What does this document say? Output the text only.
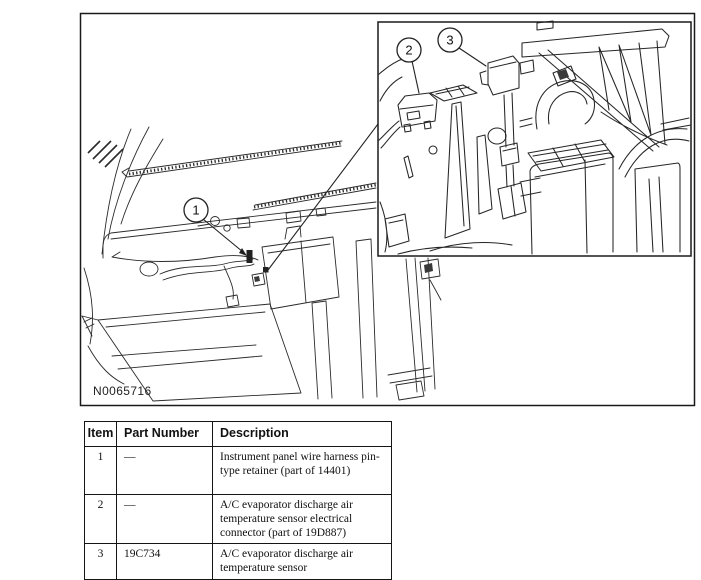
1
2
3
N0065716
Item	Part Number	Description
1	—	Instrument panel wire harness pin-type retainer (part of 14401)
2	—	A/C evaporator discharge air temperature sensor electrical connector (part of 19D887)
3	19C734	A/C evaporator discharge air temperature sensor
